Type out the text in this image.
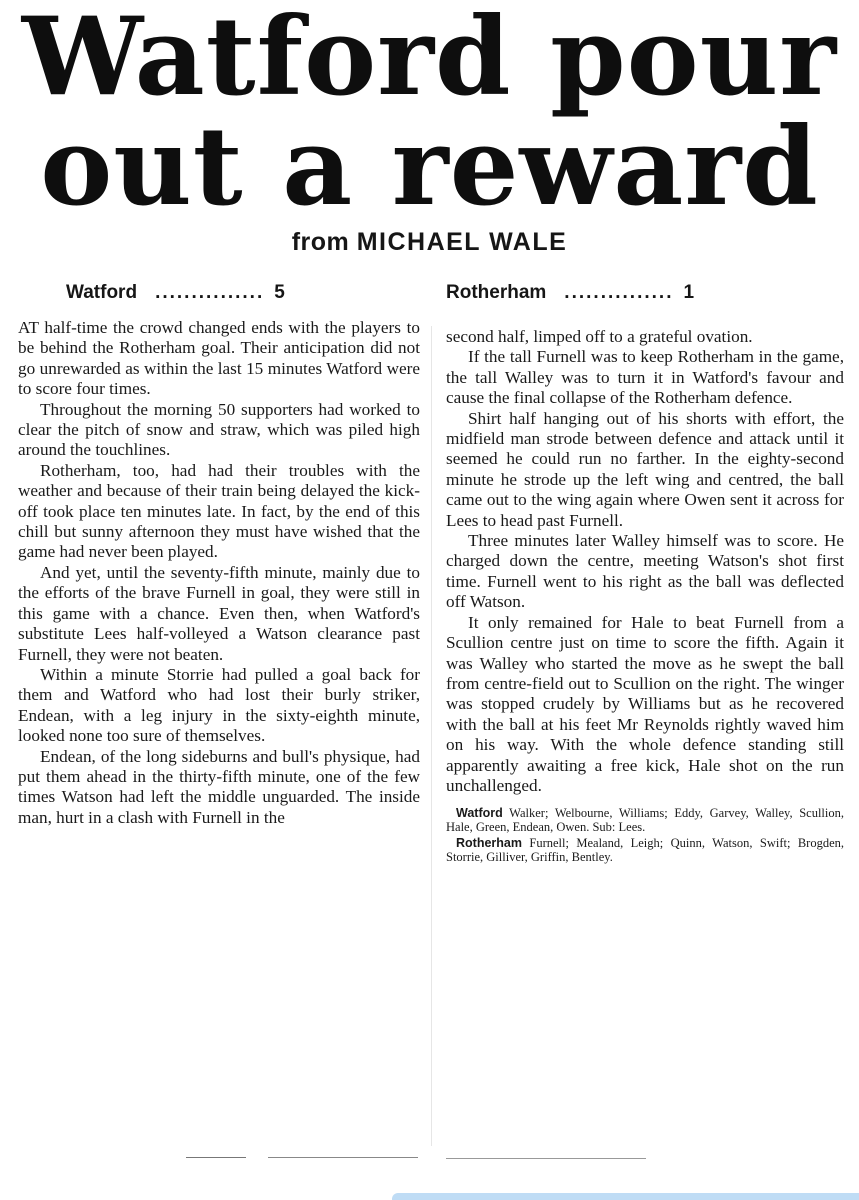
Watford pour
out a reward
from MICHAEL WALE
Watford ............... 5	Rotherham ............... 1

AT half-time the crowd changed ends with the players to be behind the Rotherham goal. Their anticipation did not go unrewarded as within the last 15 minutes Watford were to score four times.

Throughout the morning 50 supporters had worked to clear the pitch of snow and straw, which was piled high around the touchlines.

Rotherham, too, had had their troubles with the weather and because of their train being delayed the kick-off took place ten minutes late. In fact, by the end of this chill but sunny afternoon they must have wished that the game had never been played.

And yet, until the seventy-fifth minute, mainly due to the efforts of the brave Furnell in goal, they were still in this game with a chance. Even then, when Watford's substitute Lees half-volleyed a Watson clearance past Furnell, they were not beaten.

Within a minute Storrie had pulled a goal back for them and Watford who had lost their burly striker, Endean, with a leg injury in the sixty-eighth minute, looked none too sure of themselves.

Endean, of the long sideburns and bull's physique, had put them ahead in the thirty-fifth minute, one of the few times Watson had left the middle unguarded. The inside man, hurt in a clash with Furnell in the

second half, limped off to a grateful ovation.

If the tall Furnell was to keep Rotherham in the game, the tall Walley was to turn it in Watford's favour and cause the final collapse of the Rotherham defence.

Shirt half hanging out of his shorts with effort, the midfield man strode between defence and attack until it seemed he could run no farther. In the eighty-second minute he strode up the left wing and centred, the ball came out to the wing again where Owen sent it across for Lees to head past Furnell.

Three minutes later Walley himself was to score. He charged down the centre, meeting Watson's shot first time. Furnell went to his right as the ball was deflected off Watson.

It only remained for Hale to beat Furnell from a Scullion centre just on time to score the fifth. Again it was Walley who started the move as he swept the ball from centre-field out to Scullion on the right. The winger was stopped crudely by Williams but as he recovered with the ball at his feet Mr Reynolds rightly waved him on his way. With the whole defence standing still apparently awaiting a free kick, Hale shot on the run unchallenged.

Watford Walker; Welbourne, Williams; Eddy, Garvey, Walley, Scullion, Hale, Green, Endean, Owen. Sub: Lees.

Rotherham Furnell; Mealand, Leigh; Quinn, Watson, Swift; Brogden, Storrie, Gilliver, Griffin, Bentley.
